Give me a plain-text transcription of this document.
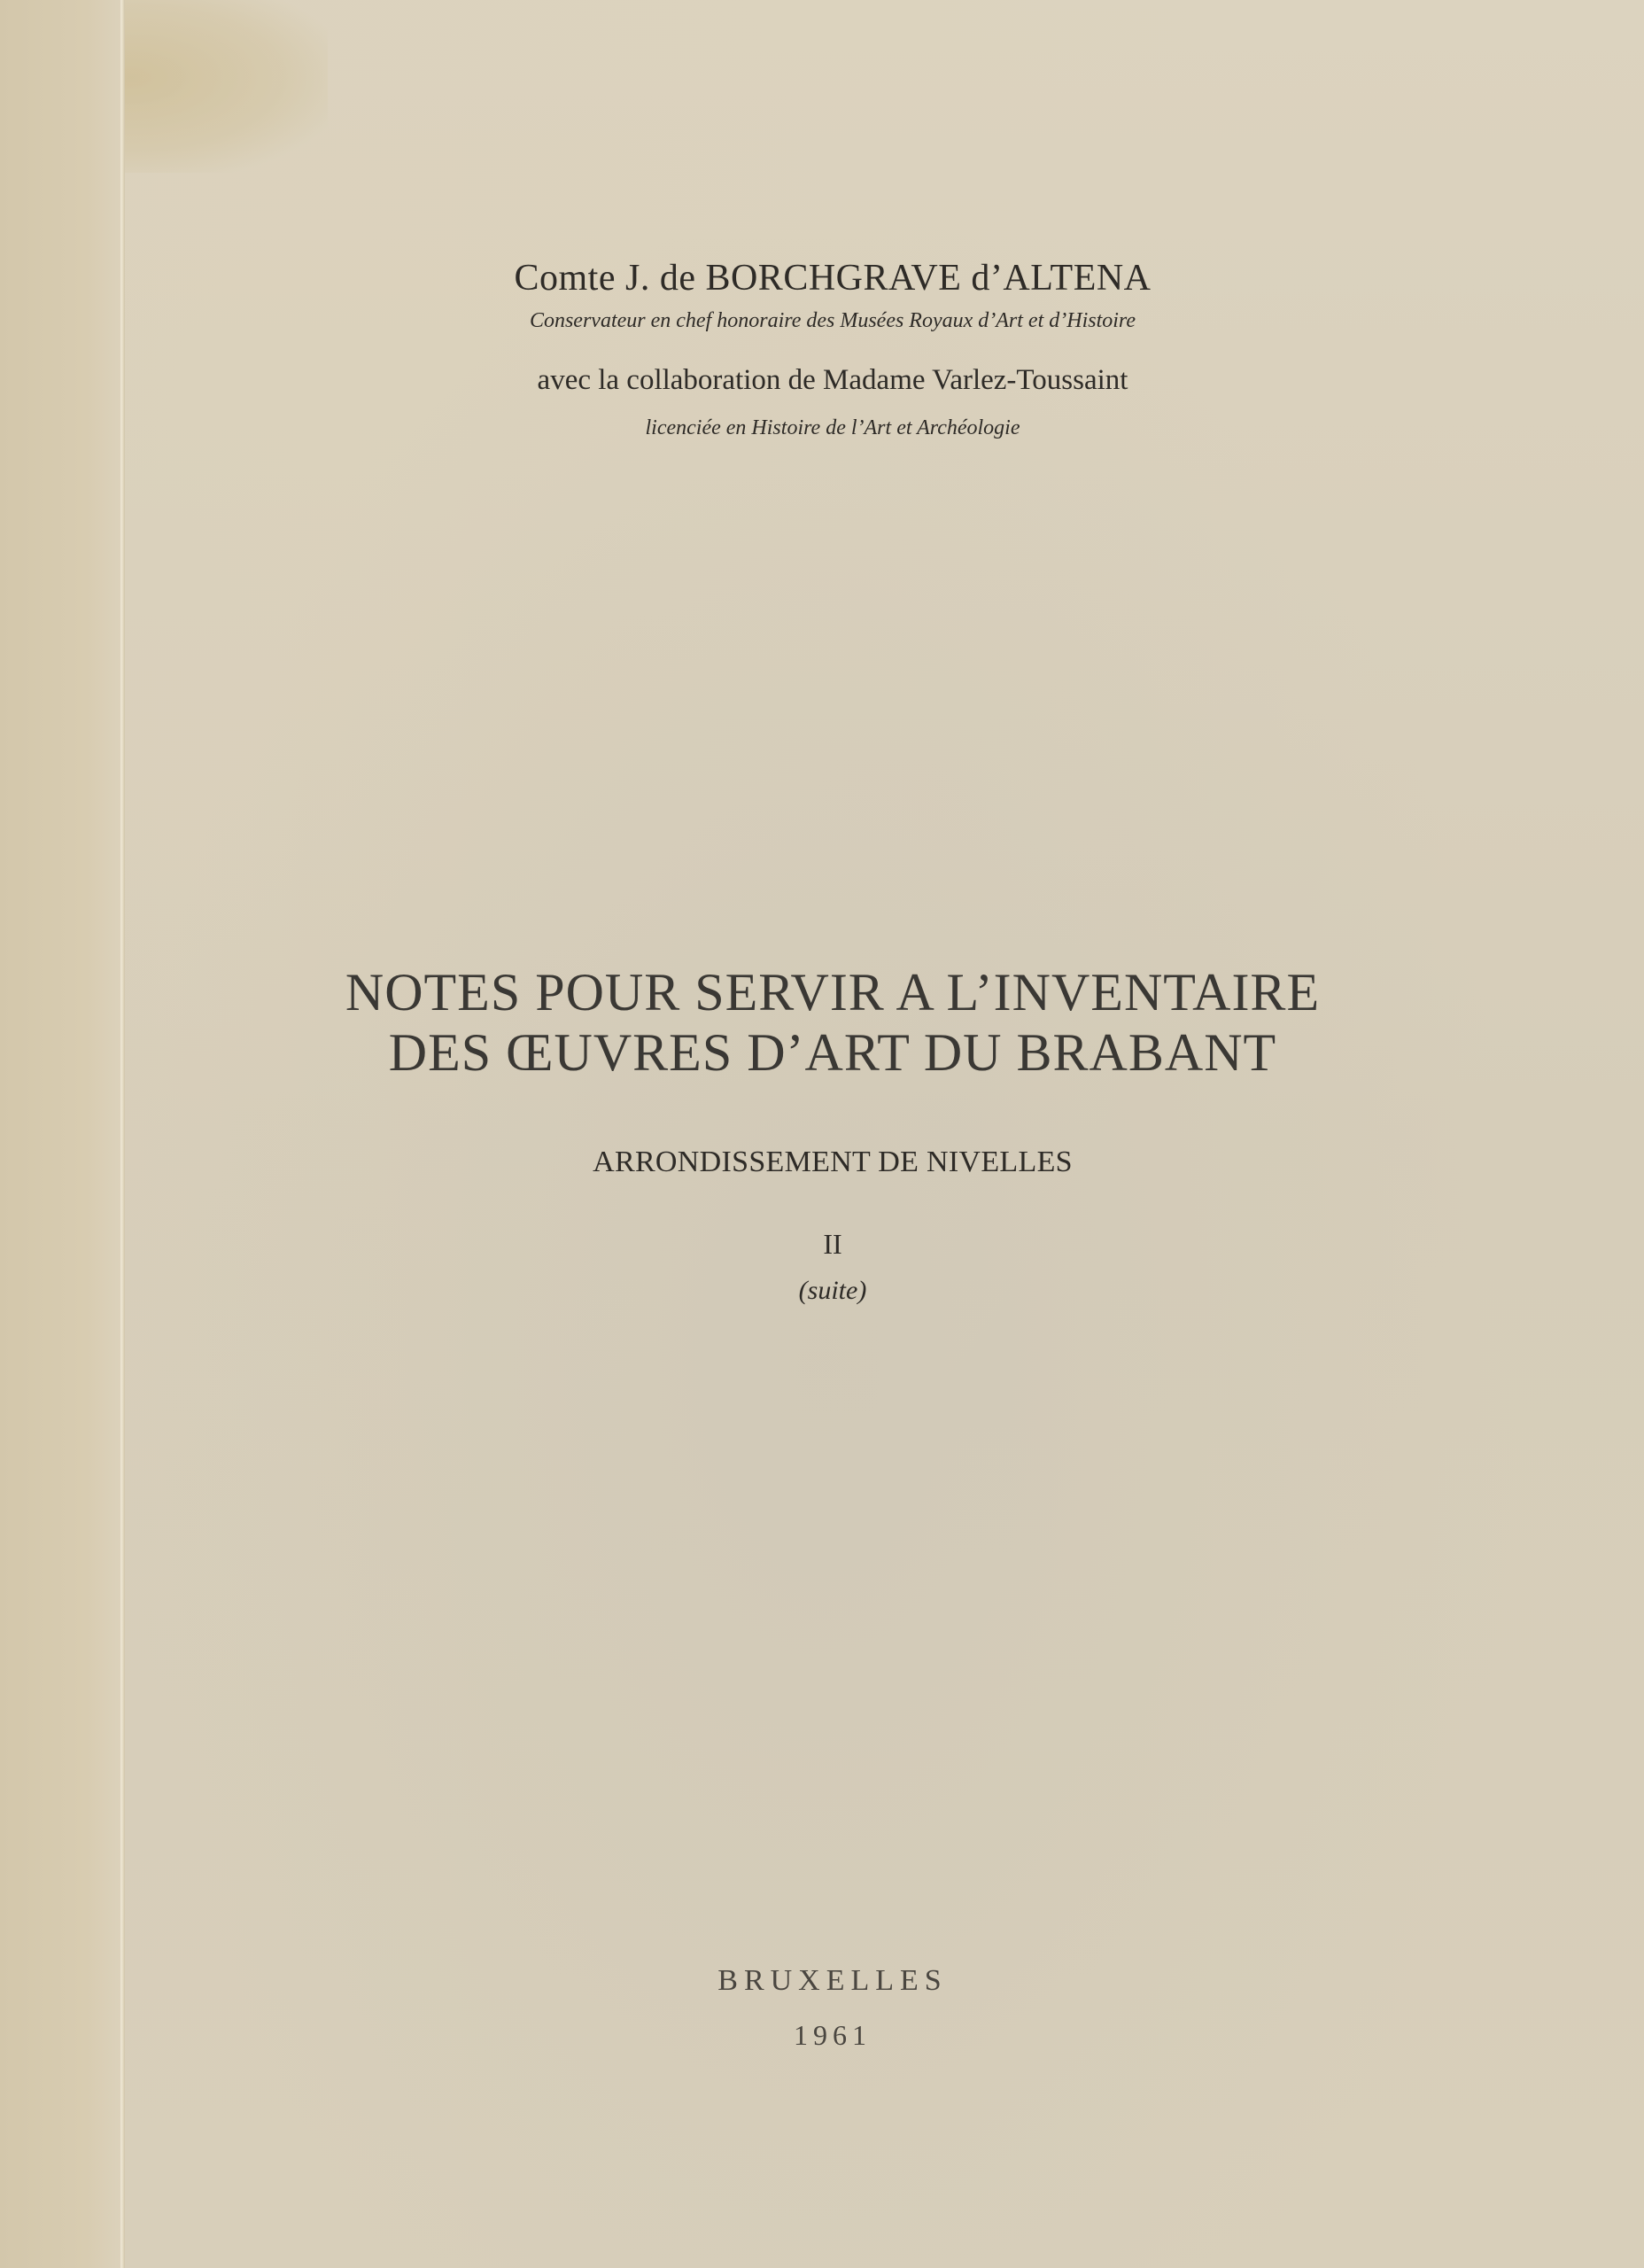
Comte J. de BORCHGRAVE d’ALTENA
Conservateur en chef honoraire des Musées Royaux d’Art et d’Histoire
avec la collaboration de Madame Varlez-Toussaint
licenciée en Histoire de l’Art et Archéologie
NOTES POUR SERVIR A L’INVENTAIRE
DES ŒUVRES D’ART DU BRABANT
ARRONDISSEMENT DE NIVELLES
II
(suite)
BRUXELLES
1961
